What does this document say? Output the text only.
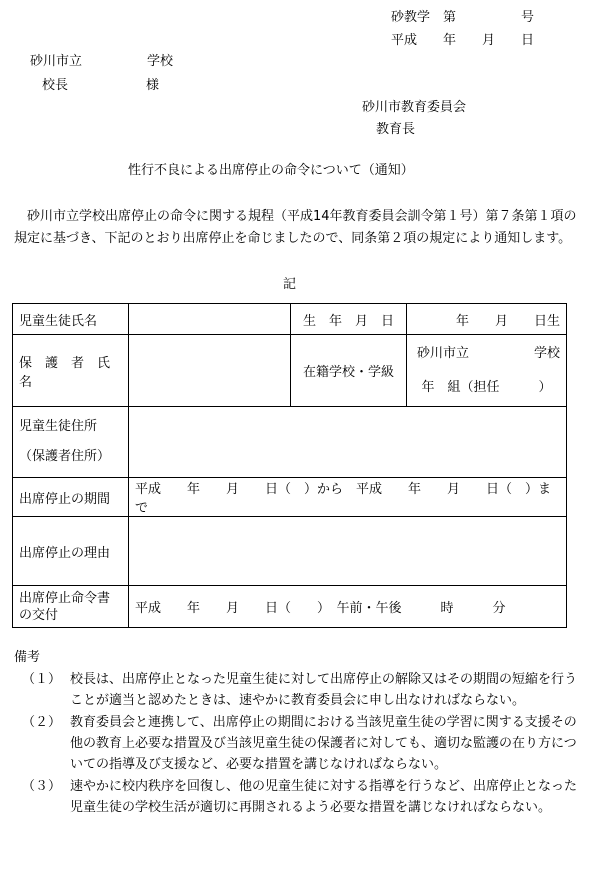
砂教学　第　　　　　号
平成　　年　　月　　日
砂川市立　　　　　学校
校長　　　　　　様
砂川市教育委員会
教育長
性行不良による出席停止の命令について（通知）
　砂川市立学校出席停止の命令に関する規程（平成14年教育委員会訓令第１号）第７条第１項の規定に基づき、下記のとおり出席停止を命じましたので、同条第２項の規定により通知します。
記
児童生徒氏名		生　年　月　日	年　　月　　日生
保　護　者　氏　名		在籍学校・学級	砂川市立　　　　　学校
年　組（担任　　　）

児童生徒住所
（保護者住所）			

出席停止の期間	平成　　年　　月　　日（　）から　平成　　年　　月　　日（　）まで		
出席停止の理由			

出席停止命令書
の交付	平成　　年　　月　　日（　　）　午前・午後　　　時　　　分		
備考
（１） 校長は、出席停止となった児童生徒に対して出席停止の解除又はその期間の短縮を行うことが適当と認めたときは、速やかに教育委員会に申し出なければならない。
（２） 教育委員会と連携して、出席停止の期間における当該児童生徒の学習に関する支援その他の教育上必要な措置及び当該児童生徒の保護者に対しても、適切な監護の在り方についての指導及び支援など、必要な措置を講じなければならない。
（３） 速やかに校内秩序を回復し、他の児童生徒に対する指導を行うなど、出席停止となった児童生徒の学校生活が適切に再開されるよう必要な措置を講じなければならない。
